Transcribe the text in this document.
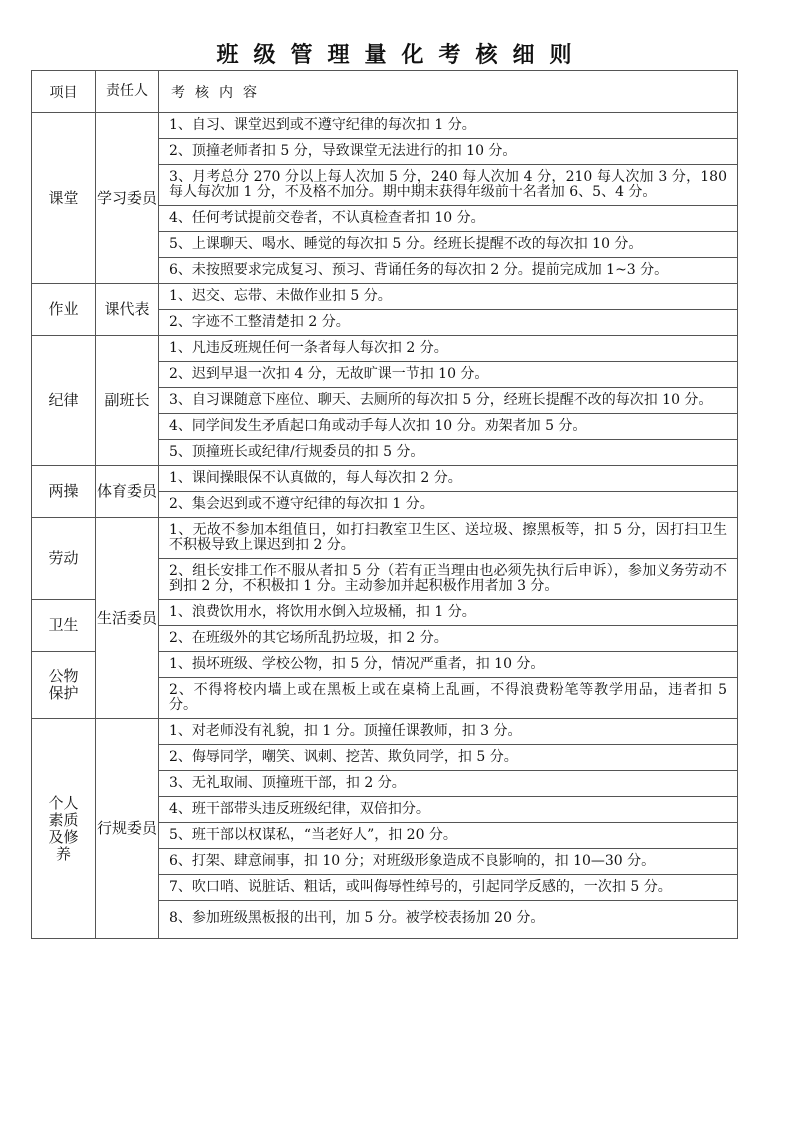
班级管理量化考核细则
项目	责任人	考核内容
课堂	学习委员	1、自习、课堂迟到或不遵守纪律的每次扣 1 分。
		2、顶撞老师者扣 5 分，导致课堂无法进行的扣 10 分。
		3、月考总分 270 分以上每人次加 5 分，240 每人次加 4 分，210 每人次加 3 分，180 每人每次加 1 分，不及格不加分。期中期末获得年级前十名者加 6、5、4 分。
		4、任何考试提前交卷者，不认真检查者扣 10 分。
		5、上课聊天、喝水、睡觉的每次扣 5 分。经班长提醒不改的每次扣 10 分。
		6、未按照要求完成复习、预习、背诵任务的每次扣 2 分。提前完成加 1~3 分。
作业	课代表	1、迟交、忘带、未做作业扣 5 分。
		2、字迹不工整清楚扣 2 分。
纪律	副班长	1、凡违反班规任何一条者每人每次扣 2 分。
		2、迟到早退一次扣 4 分，无故旷课一节扣 10 分。
		3、自习课随意下座位、聊天、去厕所的每次扣 5 分，经班长提醒不改的每次扣 10 分。
		4、同学间发生矛盾起口角或动手每人次扣 10 分。劝架者加 5 分。
		5、顶撞班长或纪律/行规委员的扣 5 分。
两操	体育委员	1、课间操眼保不认真做的，每人每次扣 2 分。
		2、集会迟到或不遵守纪律的每次扣 1 分。
劳动	生活委员	1、无故不参加本组值日，如打扫教室卫生区、送垃圾、擦黑板等，扣 5 分，因打扫卫生不积极导致上课迟到扣 2 分。
		2、组长安排工作不服从者扣 5 分（若有正当理由也必须先执行后申诉），参加义务劳动不到扣 2 分，不积极扣 1 分。主动参加并起积极作用者加 3 分。
卫生		1、浪费饮用水，将饮用水倒入垃圾桶，扣 1 分。
		2、在班级外的其它场所乱扔垃圾，扣 2 分。
公物保护		1、损坏班级、学校公物，扣 5 分，情况严重者，扣 10 分。
		2、不得将校内墙上或在黑板上或在桌椅上乱画，不得浪费粉笔等教学用品，违者扣 5 分。
个人素质及修养	行规委员	1、对老师没有礼貌，扣 1 分。顶撞任课教师，扣 3 分。
		2、侮辱同学，嘲笑、讽刺、挖苦、欺负同学，扣 5 分。
		3、无礼取闹、顶撞班干部，扣 2 分。
		4、班干部带头违反班级纪律，双倍扣分。
		5、班干部以权谋私，“当老好人”，扣 20 分。
		6、打架、肆意闹事，扣 10 分；对班级形象造成不良影响的，扣 10—30 分。
		7、吹口哨、说脏话、粗话，或叫侮辱性绰号的，引起同学反感的，一次扣 5 分。
		8、参加班级黑板报的出刊，加 5 分。被学校表扬加 20 分。
